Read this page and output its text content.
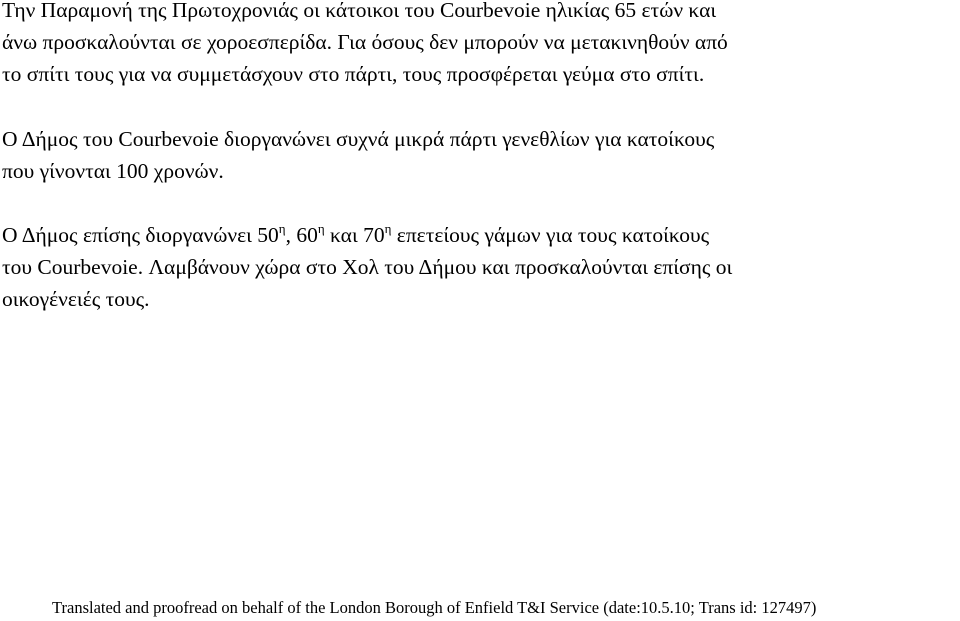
Την Παραμονή της Πρωτοχρονιάς οι κάτοικοι του Courbevoie ηλικίας 65 ετών και
άνω προσκαλούνται σε χοροεσπερίδα. Για όσους δεν μπορούν να μετακινηθούν από
το σπίτι τους για να συμμετάσχουν στο πάρτι, τους προσφέρεται γεύμα στο σπίτι.

Ο Δήμος του Courbevoie διοργανώνει συχνά μικρά πάρτι γενεθλίων για κατοίκους
που γίνονται 100 χρονών.

Ο Δήμος επίσης διοργανώνει $50^\eta$, $60^\eta$ και $70^\eta$ επετείους γάμων για τους κατοίκους
του Courbevoie. Λαμβάνουν χώρα στο Χολ του Δήμου και προσκαλούνται επίσης οι
οικογένειές τους.

Translated and proofread on behalf of the London Borough of Enfield T&I Service (date:10.5.10; Trans id: 127497)
